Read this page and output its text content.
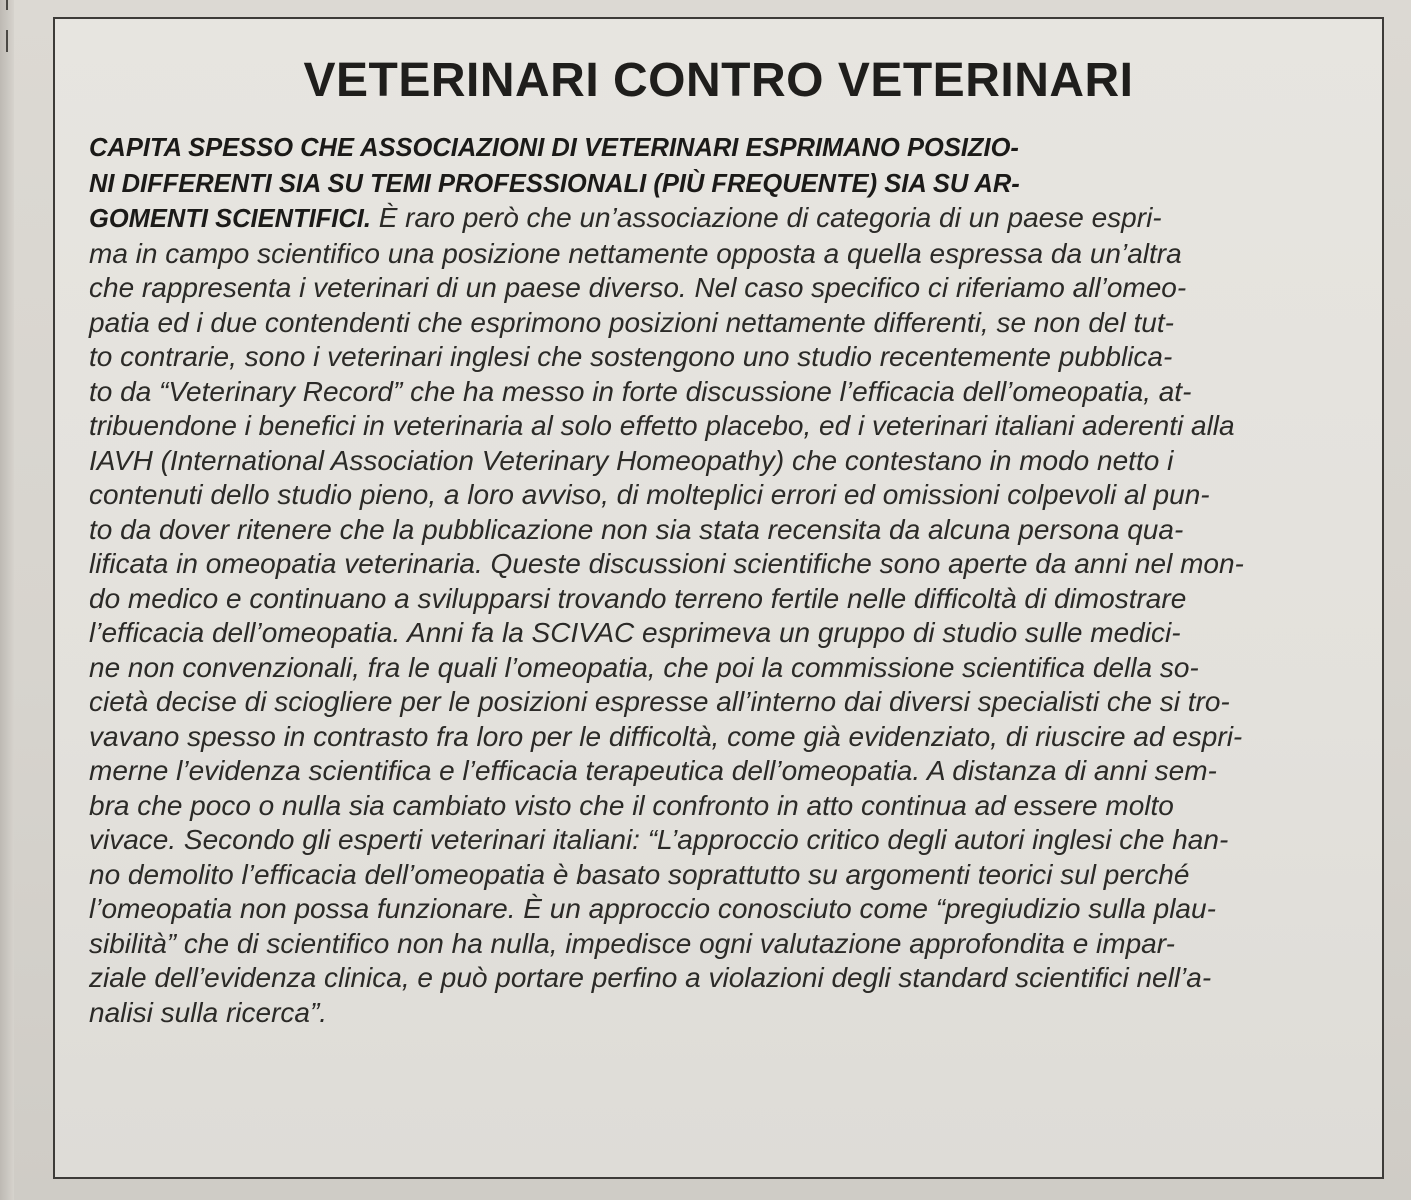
VETERINARI CONTRO VETERINARI
CAPITA SPESSO CHE ASSOCIAZIONI DI VETERINARI ESPRIMANO POSIZIO-
NI DIFFERENTI SIA SU TEMI PROFESSIONALI (PIÙ FREQUENTE) SIA SU AR-
GOMENTI SCIENTIFICI. È raro però che un’associazione di categoria di un paese espri-
ma in campo scientifico una posizione nettamente opposta a quella espressa da un’altra
che rappresenta i veterinari di un paese diverso. Nel caso specifico ci riferiamo all’omeo-
patia ed i due contendenti che esprimono posizioni nettamente differenti, se non del tut-
to contrarie, sono i veterinari inglesi che sostengono uno studio recentemente pubblica-
to da “Veterinary Record” che ha messo in forte discussione l’efficacia dell’omeopatia, at-
tribuendone i benefici in veterinaria al solo effetto placebo, ed i veterinari italiani aderenti alla
IAVH (International Association Veterinary Homeopathy) che contestano in modo netto i
contenuti dello studio pieno, a loro avviso, di molteplici errori ed omissioni colpevoli al pun-
to da dover ritenere che la pubblicazione non sia stata recensita da alcuna persona qua-
lificata in omeopatia veterinaria. Queste discussioni scientifiche sono aperte da anni nel mon-
do medico e continuano a svilupparsi trovando terreno fertile nelle difficoltà di dimostrare
l’efficacia dell’omeopatia. Anni fa la SCIVAC esprimeva un gruppo di studio sulle medici-
ne non convenzionali, fra le quali l’omeopatia, che poi la commissione scientifica della so-
cietà decise di sciogliere per le posizioni espresse all’interno dai diversi specialisti che si tro-
vavano spesso in contrasto fra loro per le difficoltà, come già evidenziato, di riuscire ad espri-
merne l’evidenza scientifica e l’efficacia terapeutica dell’omeopatia. A distanza di anni sem-
bra che poco o nulla sia cambiato visto che il confronto in atto continua ad essere molto
vivace. Secondo gli esperti veterinari italiani: “L’approccio critico degli autori inglesi che han-
no demolito l’efficacia dell’omeopatia è basato soprattutto su argomenti teorici sul perché
l’omeopatia non possa funzionare. È un approccio conosciuto come “pregiudizio sulla plau-
sibilità” che di scientifico non ha nulla, impedisce ogni valutazione approfondita e impar-
ziale dell’evidenza clinica, e può portare perfino a violazioni degli standard scientifici nell’a-
nalisi sulla ricerca”.
